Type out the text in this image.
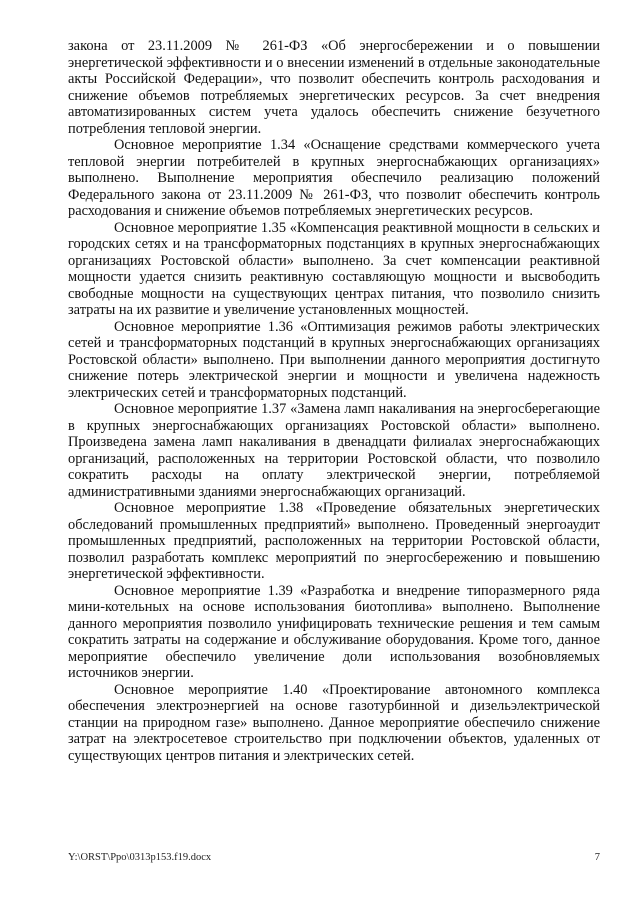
закона от 23.11.2009 № 261-ФЗ «Об энергосбережении и о повышении энергетической эффективности и о внесении изменений в отдельные законодательные акты Российской Федерации», что позволит обеспечить контроль расходования и снижение объемов потребляемых энергетических ресурсов. За счет внедрения автоматизированных систем учета удалось обеспечить снижение безучетного потребления тепловой энергии.

Основное мероприятие 1.34 «Оснащение средствами коммерческого учета тепловой энергии потребителей в крупных энергоснабжающих организациях» выполнено. Выполнение мероприятия обеспечило реализацию положений Федерального закона от 23.11.2009 № 261-ФЗ, что позволит обеспечить контроль расходования и снижение объемов потребляемых энергетических ресурсов.

Основное мероприятие 1.35 «Компенсация реактивной мощности в сельских и городских сетях и на трансформаторных подстанциях в крупных энергоснабжающих организациях Ростовской области» выполнено. За счет компенсации реактивной мощности удается снизить реактивную составляющую мощности и высвободить свободные мощности на существующих центрах питания, что позволило снизить затраты на их развитие и увеличение установленных мощностей.

Основное мероприятие 1.36 «Оптимизация режимов работы электрических сетей и трансформаторных подстанций в крупных энергоснабжающих организациях Ростовской области» выполнено. При выполнении данного мероприятия достигнуто снижение потерь электрической энергии и мощности и увеличена надежность электрических сетей и трансформаторных подстанций.

Основное мероприятие 1.37 «Замена ламп накаливания на энергосберегающие в крупных энергоснабжающих организациях Ростовской области» выполнено. Произведена замена ламп накаливания в двенадцати филиалах энергоснабжающих организаций, расположенных на территории Ростовской области, что позволило сократить расходы на оплату электрической энергии, потребляемой административными зданиями энергоснабжающих организаций.

Основное мероприятие 1.38 «Проведение обязательных энергетических обследований промышленных предприятий» выполнено. Проведенный энергоаудит промышленных предприятий, расположенных на территории Ростовской области, позволил разработать комплекс мероприятий по энергосбережению и повышению энергетической эффективности.

Основное мероприятие 1.39 «Разработка и внедрение типоразмерного ряда мини-котельных на основе использования биотоплива» выполнено. Выполнение данного мероприятия позволило унифицировать технические решения и тем самым сократить затраты на содержание и обслуживание оборудования. Кроме того, данное мероприятие обеспечило увеличение доли использования возобновляемых источников энергии.

Основное мероприятие 1.40 «Проектирование автономного комплекса обеспечения электроэнергией на основе газотурбинной и дизельэлектрической станции на природном газе» выполнено. Данное мероприятие обеспечило снижение затрат на электросетевое строительство при подключении объектов, удаленных от существующих центров питания и электрических сетей.

Y:\ORST\Ppo\0313p153.f19.docx	7
